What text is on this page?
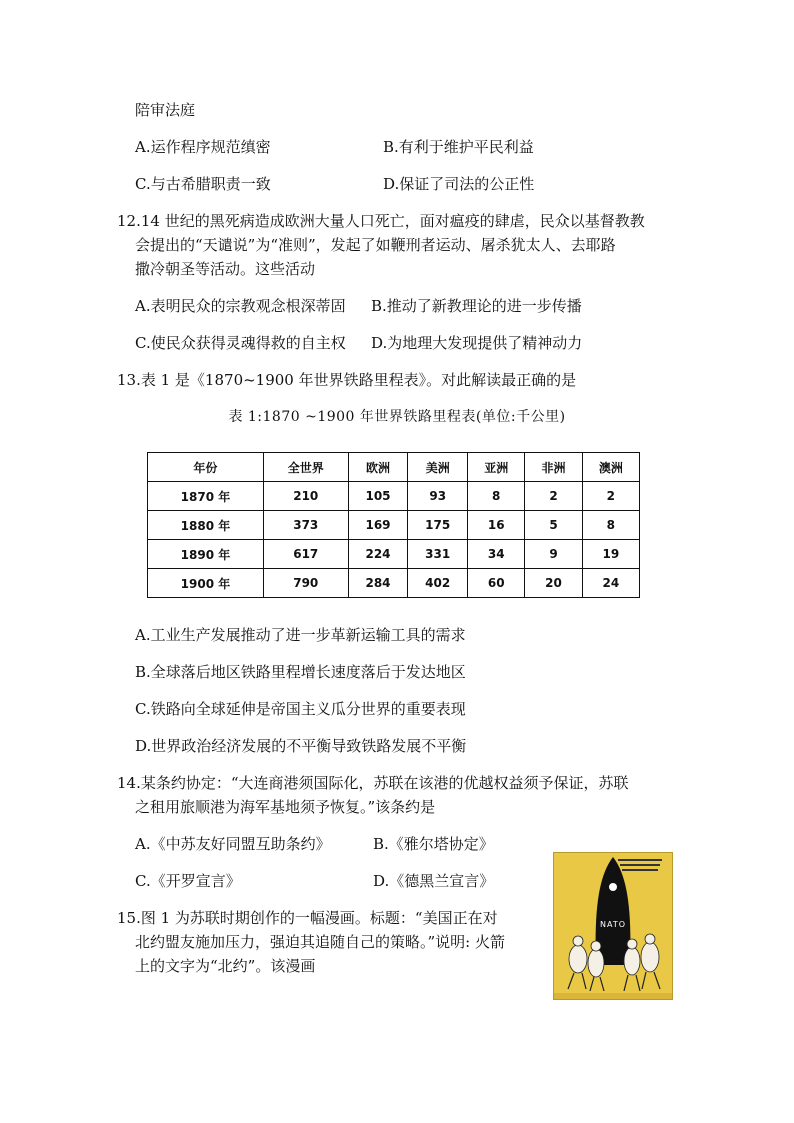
陪审法庭
A.运作程序规范缜密	B.有利于维护平民利益
C.与古希腊职责一致	D.保证了司法的公正性
12.14 世纪的黑死病造成欧洲大量人口死亡，面对瘟疫的肆虐，民众以基督教教
会提出的“天谴说”为“准则”，发起了如鞭刑者运动、屠杀犹太人、去耶路
撒冷朝圣等活动。这些活动
A.表明民众的宗教观念根深蒂固 B.推动了新教理论的进一步传播
C.使民众获得灵魂得救的自主权 D.为地理大发现提供了精神动力
13.表 1 是《1870~1900 年世界铁路里程表》。对此解读最正确的是
表 1:1870 ~1900 年世界铁路里程表(单位:千公里)
年份	全世界	欧洲	美洲	亚洲	非洲	澳洲
1870 年	210	105	93	8	2	2
1880 年	373	169	175	16	5	8
1890 年	617	224	331	34	9	19
1900 年	790	284	402	60	20	24
A.工业生产发展推动了进一步革新运输工具的需求
B.全球落后地区铁路里程增长速度落后于发达地区
C.铁路向全球延伸是帝国主义瓜分世界的重要表现
D.世界政治经济发展的不平衡导致铁路发展不平衡
14.某条约协定：“大连商港须国际化，苏联在该港的优越权益须予保证，苏联
之租用旅顺港为海军基地须予恢复。”该条约是
A.《中苏友好同盟互助条约》	B.《雅尔塔协定》
C.《开罗宣言》	D.《德黑兰宣言》
15.图 1 为苏联时期创作的一幅漫画。标题：“美国正在对
北约盟友施加压力，强迫其追随自己的策略。”说明: 火箭
上的文字为“北约”。该漫画
NATO
